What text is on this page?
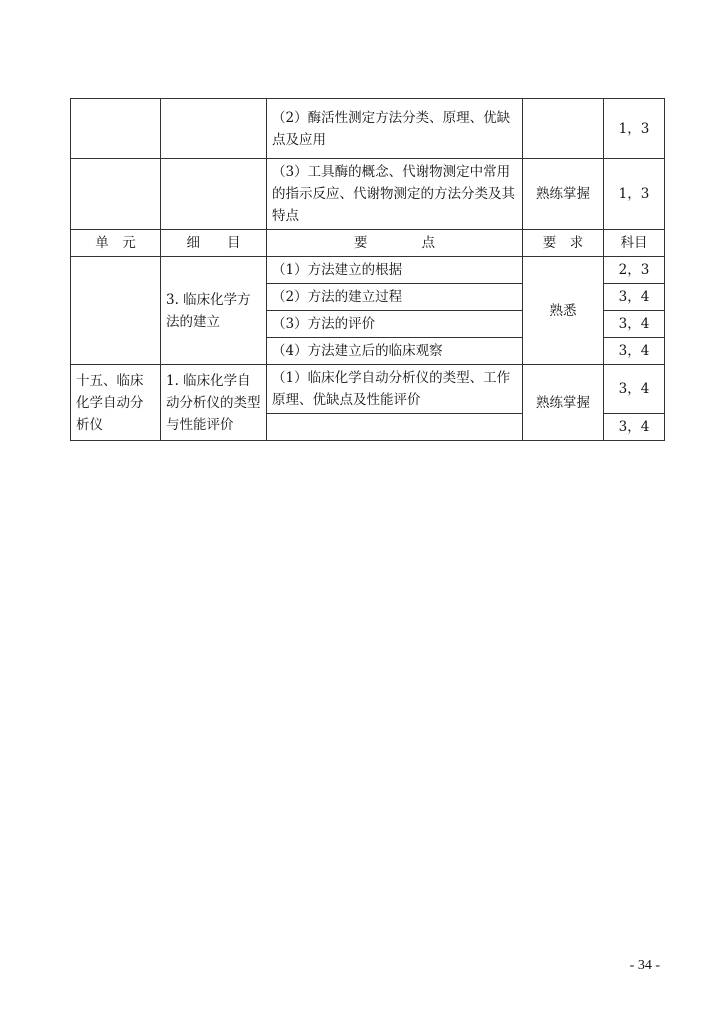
		（2）酶活性测定方法分类、原理、优缺点及应用		1，3
		（3）工具酶的概念、代谢物测定中常用的指示反应、代谢物测定的方法分类及其特点	熟练掌握	1，3
单　元	细　　目	要　　　　点	要　求	科目
	3. 临床化学方法的建立	（1）方法建立的根据	熟悉	2，3
		（2）方法的建立过程		3，4
		（3）方法的评价		3，4
		（4）方法建立后的临床观察		3，4
十五、临床化学自动分析仪	1. 临床化学自动分析仪的类型与性能评价	（1）临床化学自动分析仪的类型、工作原理、优缺点及性能评价	熟练掌握	3，4
				3，4
- 34 -
